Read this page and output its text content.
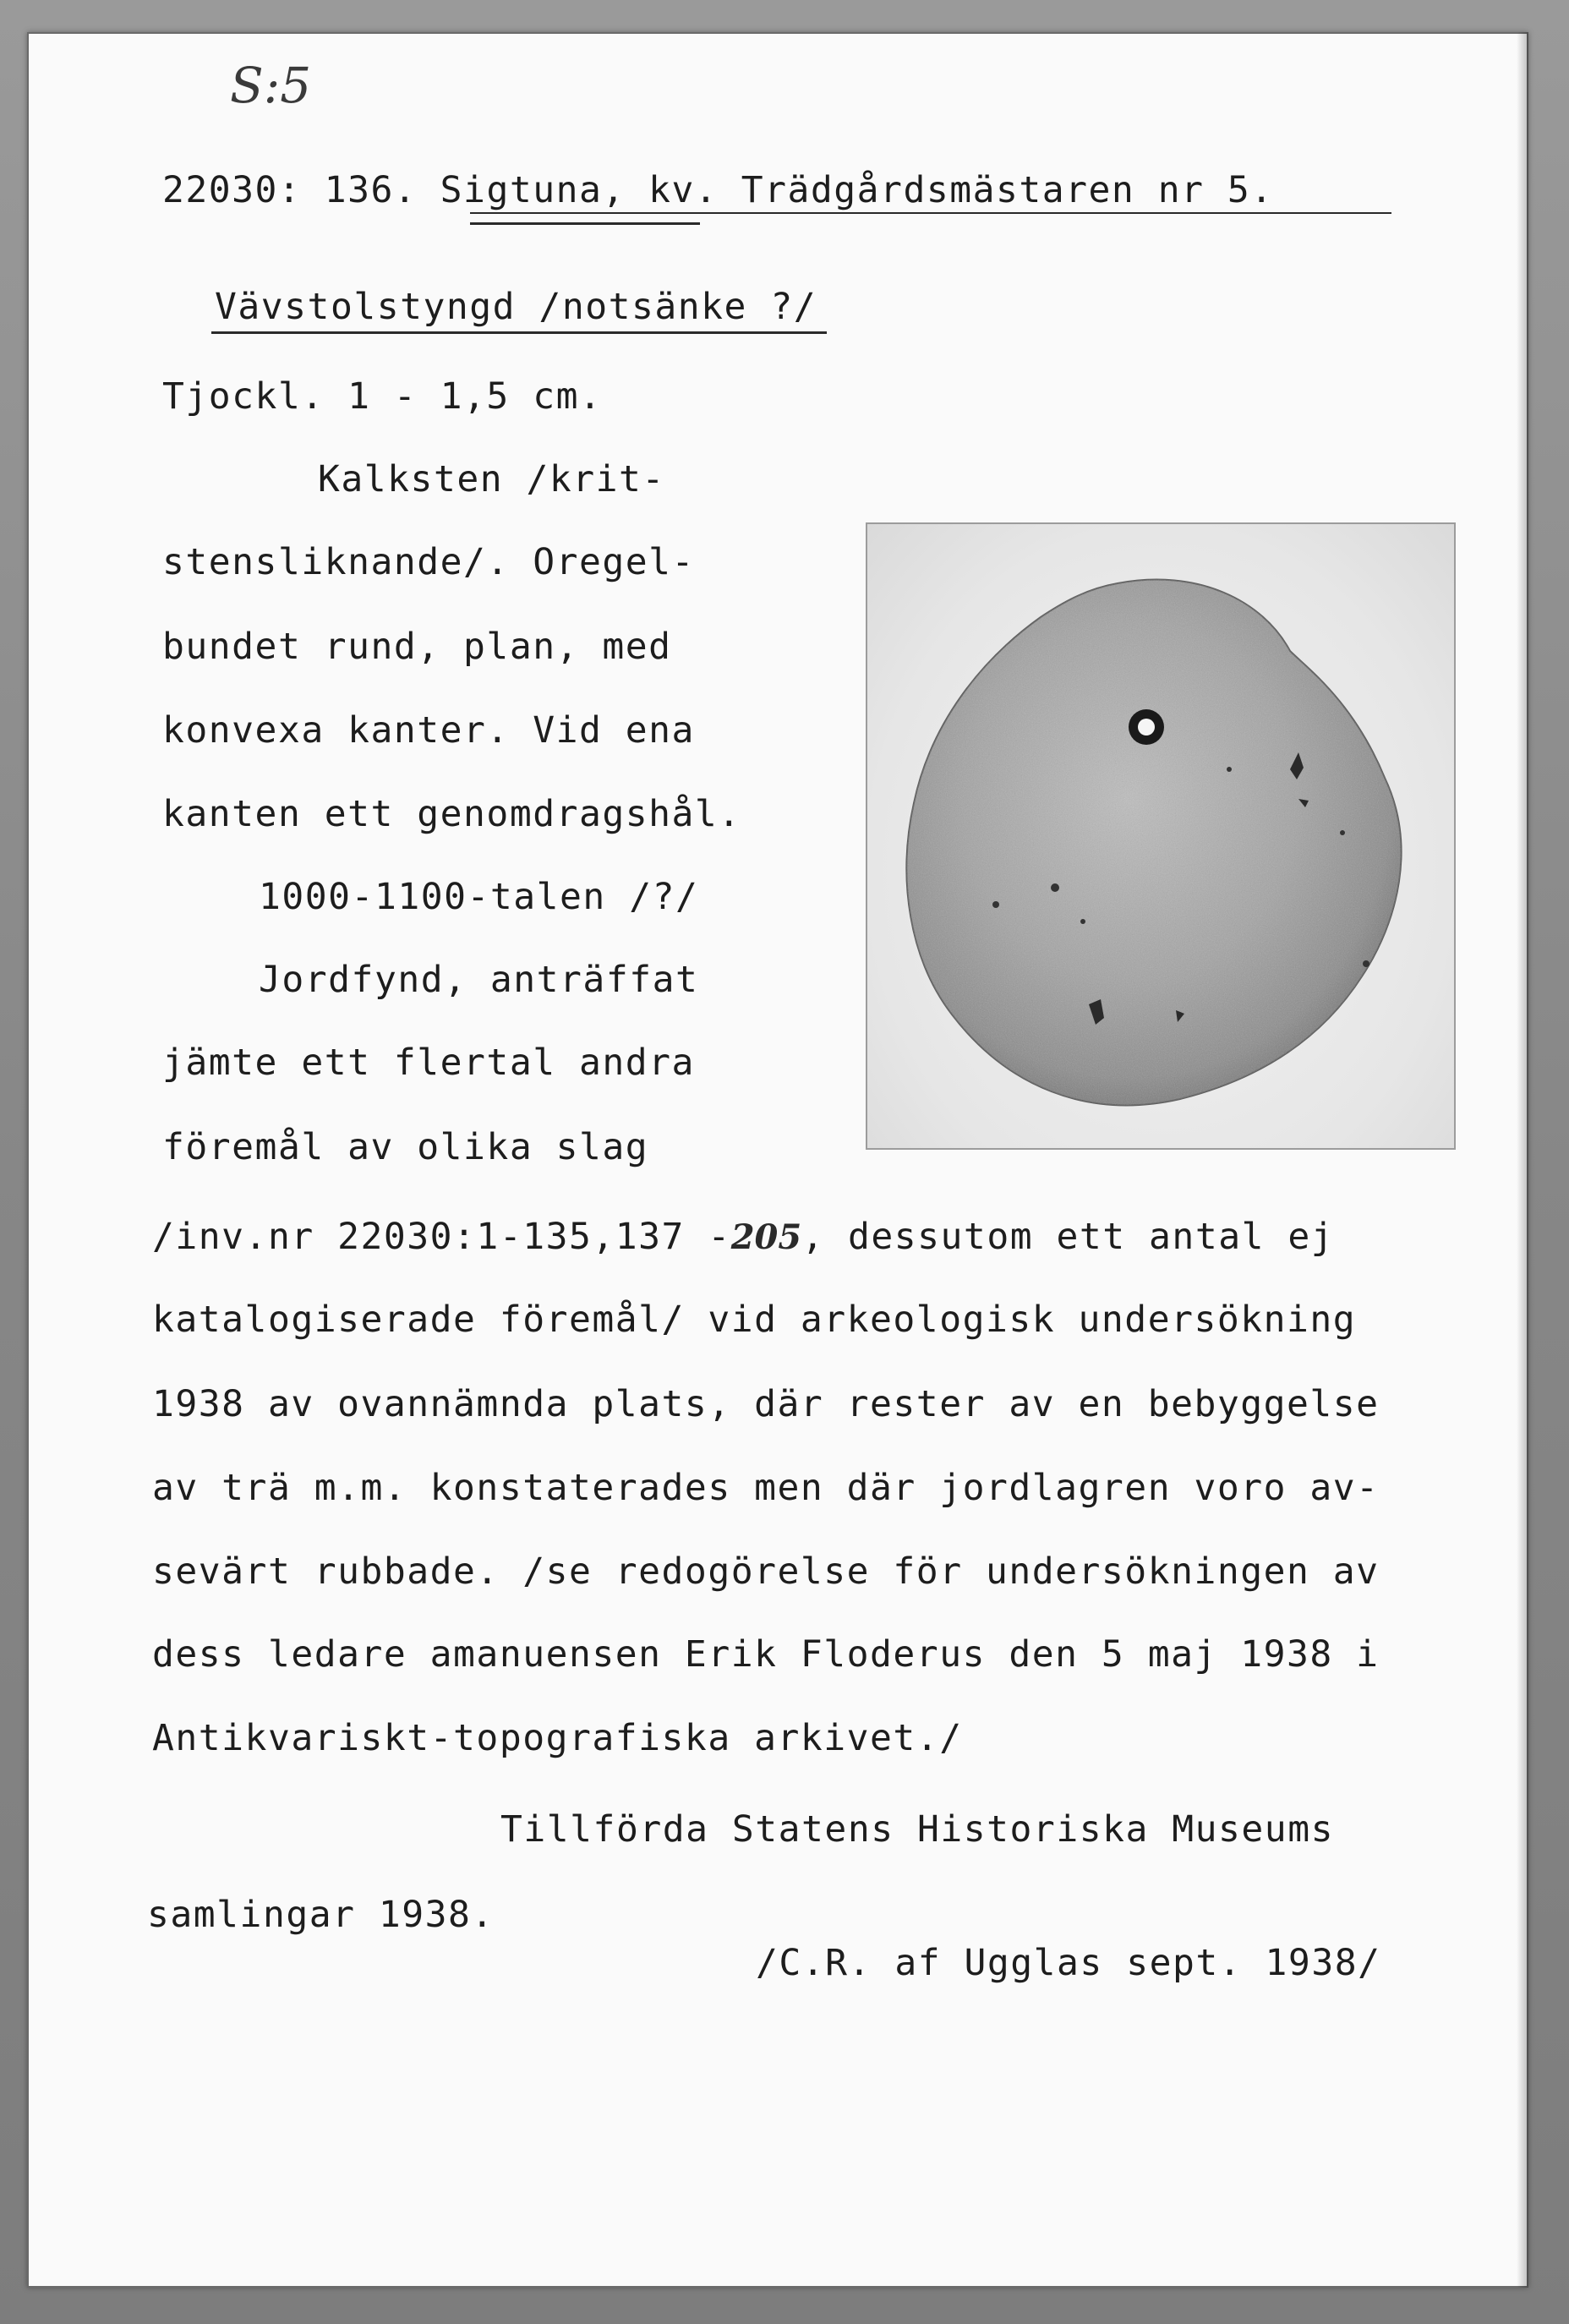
S:5
22030: 136. Sigtuna, kv. Trädgårdsmästaren nr 5.
Vävstolstyngd /notsänke ?/
Tjockl. 1 - 1,5 cm.
Kalksten /krit-
stensliknande/. Oregel-
bundet rund, plan, med
konvexa kanter. Vid ena
kanten ett genomdragshål.
1000-1100-talen /?/
Jordfynd, anträffat
jämte ett flertal andra
föremål av olika slag
/inv.nr 22030:1-135,137 -205, dessutom ett antal ej
katalogiserade föremål/ vid arkeologisk undersökning
1938 av ovannämnda plats, där rester av en bebyggelse
av trä m.m. konstaterades men där jordlagren voro av-
sevärt rubbade. /se redogörelse för undersökningen av
dess ledare amanuensen Erik Floderus den 5 maj 1938 i
Antikvariskt-topografiska arkivet./
Tillförda Statens Historiska Museums
samlingar 1938.
/C.R. af Ugglas sept. 1938/
